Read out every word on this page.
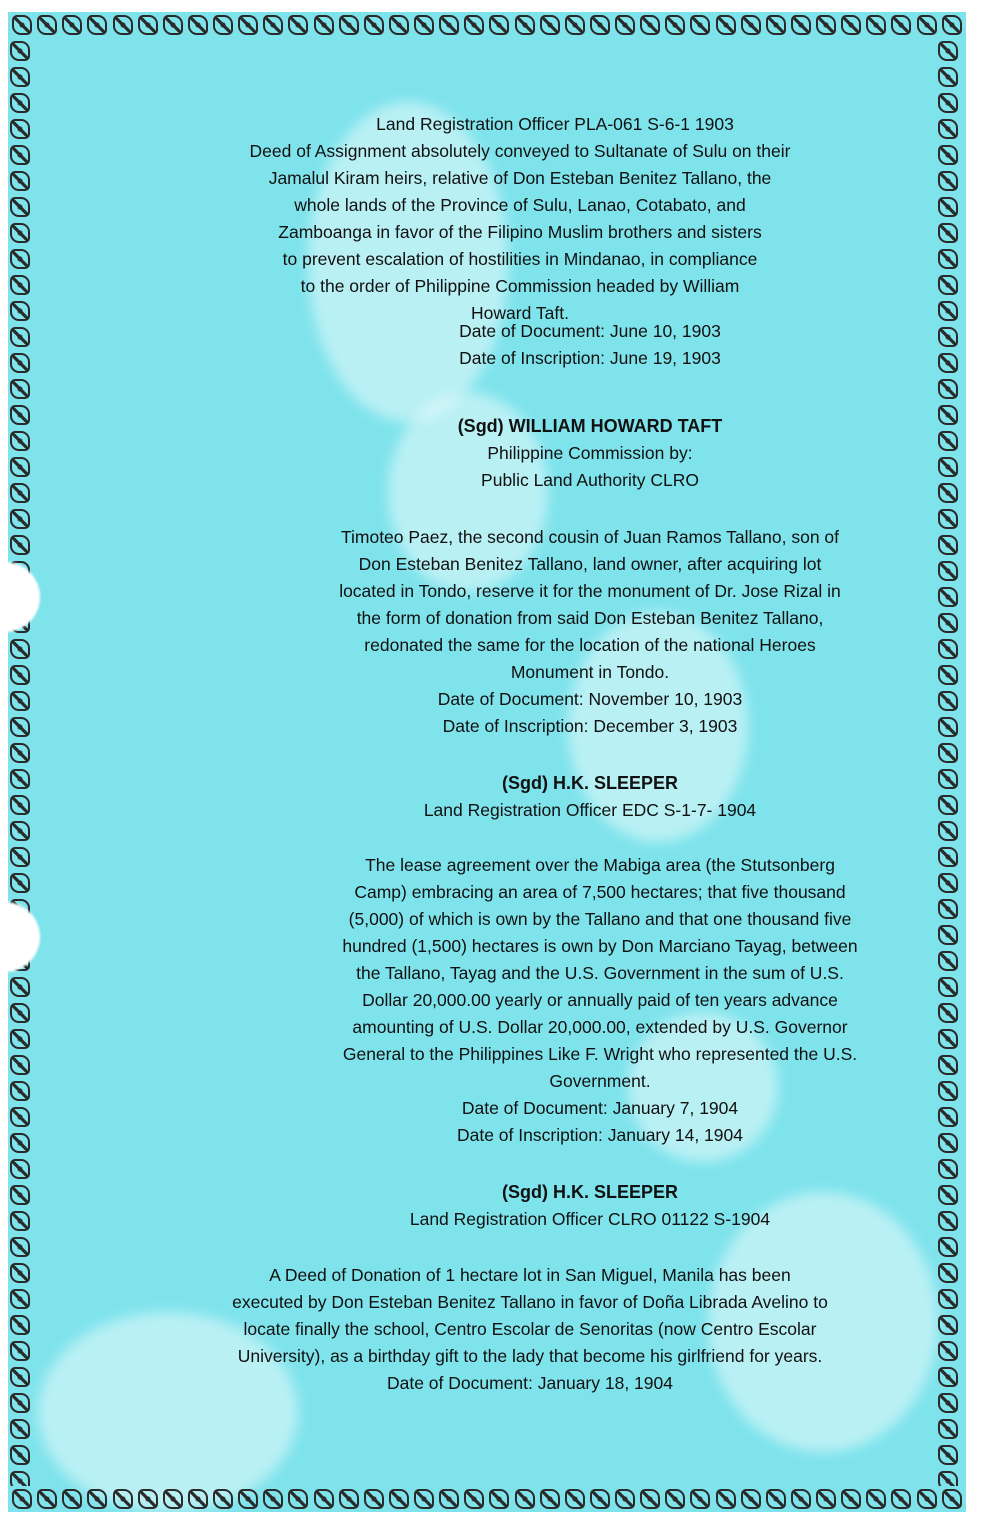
Land Registration Officer PLA-061 S-6-1 1903

Deed of Assignment absolutely conveyed to Sultanate of Sulu on their

Jamalul Kiram heirs, relative of Don Esteban Benitez Tallano, the

whole lands of the Province of Sulu, Lanao, Cotabato, and

Zamboanga in favor of the Filipino Muslim brothers and sisters

to prevent escalation of hostilities in Mindanao, in compliance

to the order of Philippine Commission headed by William

Howard Taft.

Date of Document: June 10, 1903

Date of Inscription: June 19, 1903

(Sgd) WILLIAM HOWARD TAFT

Philippine Commission by:

Public Land Authority CLRO

Timoteo Paez, the second cousin of Juan Ramos Tallano, son of

Don Esteban Benitez Tallano, land owner, after acquiring lot

located in Tondo, reserve it for the monument of Dr. Jose Rizal in

the form of donation from said Don Esteban Benitez Tallano,

redonated the same for the location of the national Heroes

Monument in Tondo.

Date of Document: November 10, 1903

Date of Inscription: December 3, 1903

(Sgd) H.K. SLEEPER

Land Registration Officer EDC S-1-7- 1904

The lease agreement over the Mabiga area (the Stutsonberg

Camp) embracing an area of 7,500 hectares; that five thousand

(5,000) of which is own by the Tallano and that one thousand five

hundred (1,500) hectares is own by Don Marciano Tayag, between

the Tallano, Tayag and the U.S. Government in the sum of U.S.

Dollar 20,000.00 yearly or annually paid of ten years advance

amounting of U.S. Dollar 20,000.00, extended by U.S. Governor

General to the Philippines Like F. Wright who represented the U.S.

Government.

Date of Document: January 7, 1904

Date of Inscription: January 14, 1904

(Sgd) H.K. SLEEPER

Land Registration Officer CLRO 01122 S-1904

A Deed of Donation of 1 hectare lot in San Miguel, Manila has been

executed by Don Esteban Benitez Tallano in favor of Doña Librada Avelino to

locate finally the school, Centro Escolar de Senoritas (now Centro Escolar

University), as a birthday gift to the lady that become his girlfriend for years.

Date of Document: January 18, 1904
